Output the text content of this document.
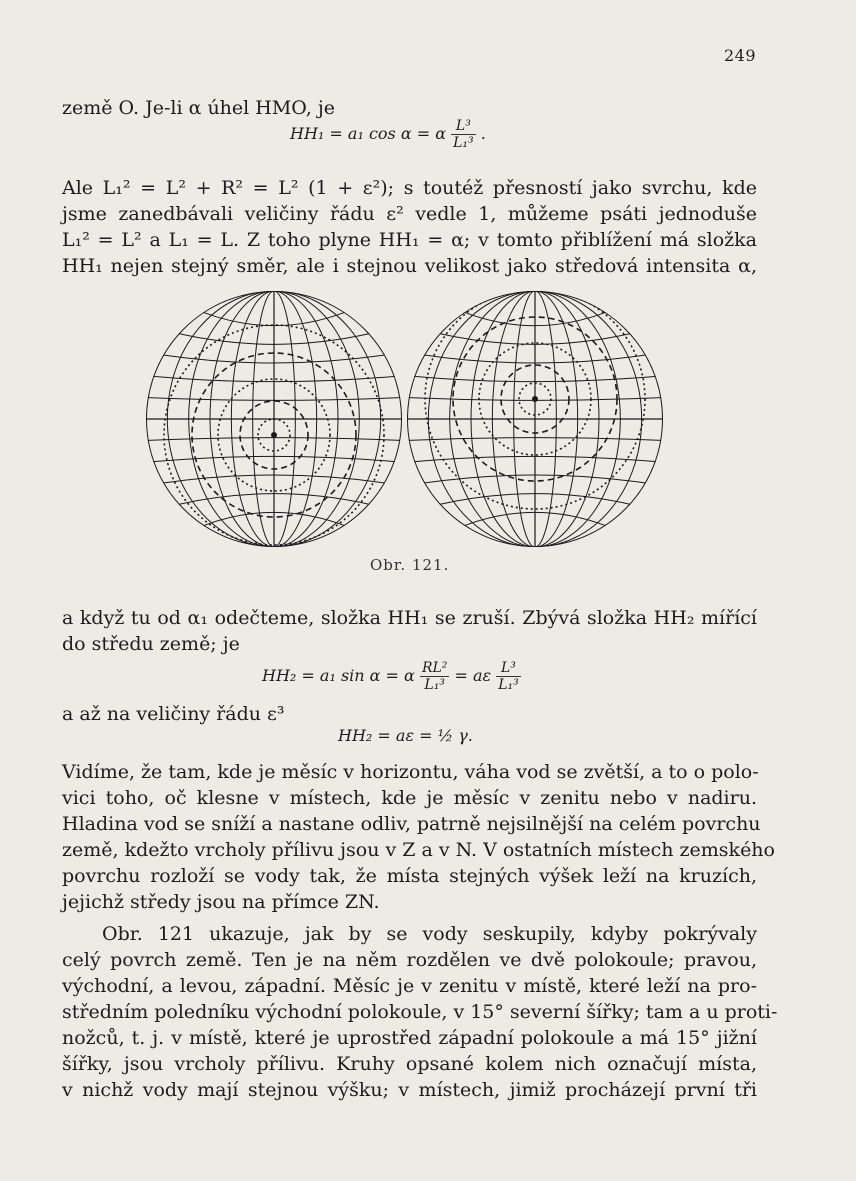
249
země O. Je-li α úhel HMO, je
HH₁ = a₁ cos α = α $\frac{\text{L³}}{\text{L₁³}}$ .
Ale L₁² = L² + R² = L² (1 + ε²); s toutéž přesností jako svrchu, kde
jsme zanedbávali veličiny řádu ε² vedle 1, můžeme psáti jednoduše
L₁² = L² a L₁ = L. Z toho plyne HH₁ = α; v tomto přiblížení má složka
HH₁ nejen stejný směr, ale i stejnou velikost jako středová intensita α,
Obr. 121.
a když tu od α₁ odečteme, složka HH₁ se zruší. Zbývá složka HH₂ mířící
do středu země; je
HH₂ = a₁ sin α = α $\frac{\text{RL²}}{\text{L₁³}} = a\varepsilon \frac{\text{L³}}{\text{L₁³}}$
a až na veličiny řádu ε³
HH₂ = aε = ½ γ.
Vidíme, že tam, kde je měsíc v horizontu, váha vod se zvětší, a to o polo-
vici toho, oč klesne v místech, kde je měsíc v zenitu nebo v nadiru.
Hladina vod se sníží a nastane odliv, patrně nejsilnější na celém povrchu
země, kdežto vrcholy přílivu jsou v Z a v N. V ostatních místech zemského
povrchu rozloží se vody tak, že místa stejných výšek leží na kruzích,
jejichž středy jsou na přímce ZN.
Obr. 121 ukazuje, jak by se vody seskupily, kdyby pokrývaly
celý povrch země. Ten je na něm rozdělen ve dvě polokoule; pravou,
východní, a levou, západní. Měsíc je v zenitu v místě, které leží na pro-
středním poledníku východní polokoule, v 15° severní šířky; tam a u proti-
nožců, t. j. v místě, které je uprostřed západní polokoule a má 15° jižní
šířky, jsou vrcholy přílivu. Kruhy opsané kolem nich označují místa,
v nichž vody mají stejnou výšku; v místech, jimiž procházejí první tři
